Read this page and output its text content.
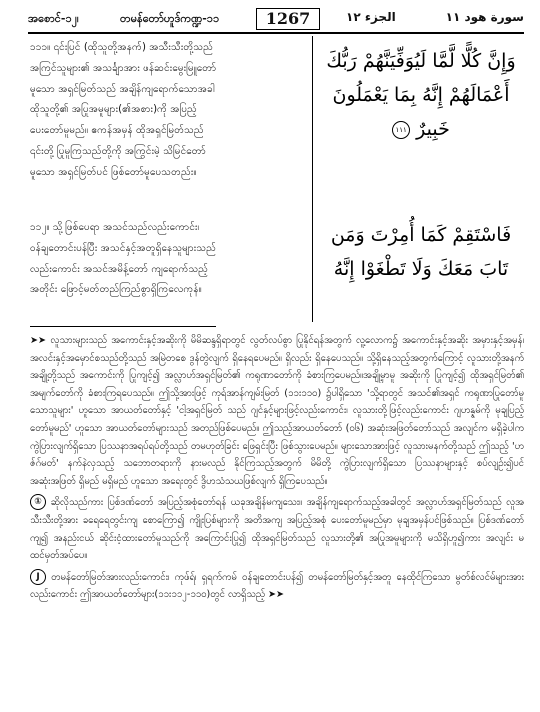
အစောင်-၁၂၊	တမန်တော်ဟူဒ်ကဏ္ဍ-၁၁	1267	الجزء ١٢	سورة هود ١١
၁၁၁။ ၎င်းပြင် (ထိုသူတို့အနက်) အသီးသီးတို့သည်
အကြင်သူများ၏ အသင်္ချာအား ဖန်ဆင်းမွေးမြူတော်
မူသော အရှင်မြတ်သည် အချိန်ကျရောက်သောအခါ
ထိုသူတို့၏ အပြုအမူများ(၏အစား)ကို အပြည့်
ပေးတော်မူမည်။ ဧကန်အမှန် ထိုအရှင်မြတ်သည်
၎င်းတို့ ပြုမူကြသည်တို့ကို အကြွင်းမဲ့ သိမြင်တော်
မူသော အရှင်မြတ်ပင် ဖြစ်တော်မူပေသတည်း။
၁၁၂။ သို့ဖြစ်ပေရာ အသင်သည်လည်းကောင်း၊
ဝန်ချတောင်းပန်ပြီး အသင်နှင့်အတူရှိနေသူများသည်
လည်းကောင်း အသင်အမိန့်တော် ကျရောက်သည့်
အတိုင်း ဖြောင့်မတ်တည်ကြည်စွာရှိကြလေကုန်။
وَإِنَّ كُلًّا لَّمَّا لَيُوَفِّيَنَّهُمْ رَبُّكَ
أَعْمَالَهُمْ إِنَّهُ بِمَا يَعْمَلُونَ
خَبِيرٌ ١١١
فَاسْتَقِمْ كَمَا أُمِرْتَ وَمَن
تَابَ مَعَكَ وَلَا تَطْغَوْا إِنَّهُ

➤➤ လူသားများသည် အကောင်းနှင့်အဆိုးကို မိမိဆန္ဒရှိရာတွင် လွတ်လပ်စွာ ပြုနိုင်ရန်အတွက် လူ့လောက၌ အကောင်းနှင့်အဆိုး အမှားနှင့်အမှန်၊ အလင်းနှင့်အမှောင်စသည်တို့သည် အမြဲတစေ ဒွန်တွဲလျက် ရှိနေရပေမည်။ ရှိလည်း ရှိနေပေသည်။ သို့ရှိနေသည့်အတွက်ကြောင့် လူသားတို့အနက် အချို့တို့သည် အကောင်းကို ပြုကျင့်၍ အလ္လာဟ်အရှင်မြတ်၏ ကရုဏာတော်ကို ခံစားကြပေမည်။အချို့မှာမူ အဆိုးကို ပြုကျင့်၍ ထိုအရှင်မြတ်၏ အမျက်တော်ကို ခံစားကြရပေသည်။ ဤသို့အားဖြင့် ကုရ်အာန်ကျမ်းမြတ် (၁၁း၁၁၀) ၌ပါရှိသော 'သို့ရာတွင် အသင်၏အရှင် ကရုဏာပြုတော်မူသောသူများ' ဟူသော အာယတ်တော်နှင့် 'ငါ့အရှင်မြတ် သည် ဂျင်နှင့်များဖြင့်လည်းကောင်း၊ လူသားတို့ဖြင့်လည်းကောင်း ဂျဟန္နမ်ကို မုချပြည့်တော်မူမည်' ဟူသော အာယတ်တော်များသည် အတည်ဖြစ်ပေမည်။ ဤသည့်အာယတ်တော် (၀၆) အဆုံးအဖြတ်တော်သည် အလျင်က မရှိခဲ့ပါက ကွဲပြားလျက်ရှိသော ပြဿနာအရပ်ရပ်တို့သည် တမဟုတ်ခြင်း ဖြေရှင်းပြီး ဖြစ်သွားပေမည်။ များသောအားဖြင့် လူသားမနက်တို့သည် ဤသည့် 'ဟဇ်ဂ်မတ်' နက်နဲလှသည့် သဘောတရားကို နားမလည် နိုင်ကြသည့်အတွက် မိမိတို့ ကွဲပြားလျက်ရှိသော ပြဿနာများနှင့် စပ်လျဉ်း၍ပင် အဆုံးအဖြတ် ရှိမည် မရှိမည် ဟူသော အရေးတွင် ဒွိဟသံသယဖြစ်လျက် ရှိကြပေသည်။

① ဆိုလိုသည်ကား ပြစ်ဒဏ်တော် အပြည့်အစုံတော်ရန် ယခုအချိန်မကျသေး။ အချိန်ကျရောက်သည့်အခါတွင် အလ္လာဟ်အရှင်မြတ်သည် လူအသီးသီးတို့အား ခရေရေတွင်းကျ စောကြော၍ ကျိုးပြစ်များကို အတိအကျ အပြည့်အစုံ ပေးတော်မူမည်မှာ မုချအမှန်ပင်ဖြစ်သည်။ ပြစ်ဒဏ်တော်ကျ၍ အနည်းငယ် ဆိုင်းငံ့ထားတော်မူသည်ကို အကြောင်းပြု၍ ထိုအရှင်မြတ်သည် လူသားတို့၏ အပြုအမူများကို မသိရှိဟူ၍ကား အလျင်း မထင်မှတ်အပ်ပေ။

J တမန်တော်မြတ်အားလည်းကောင်း၊ ကုဖ်ရ်၊ ရှရက်ကမ် ဝန်ချတောင်းပန်၍ တမန်တော်မြတ်နှင့်အတူ နေထိုင်ကြသော မွတ်စ်လင်မ်များအားလည်းကောင်း ဤအာယတ်တော်များ(၁၁း၁၁၂-၁၁၀)တွင် လာရှိသည့် ➤➤
